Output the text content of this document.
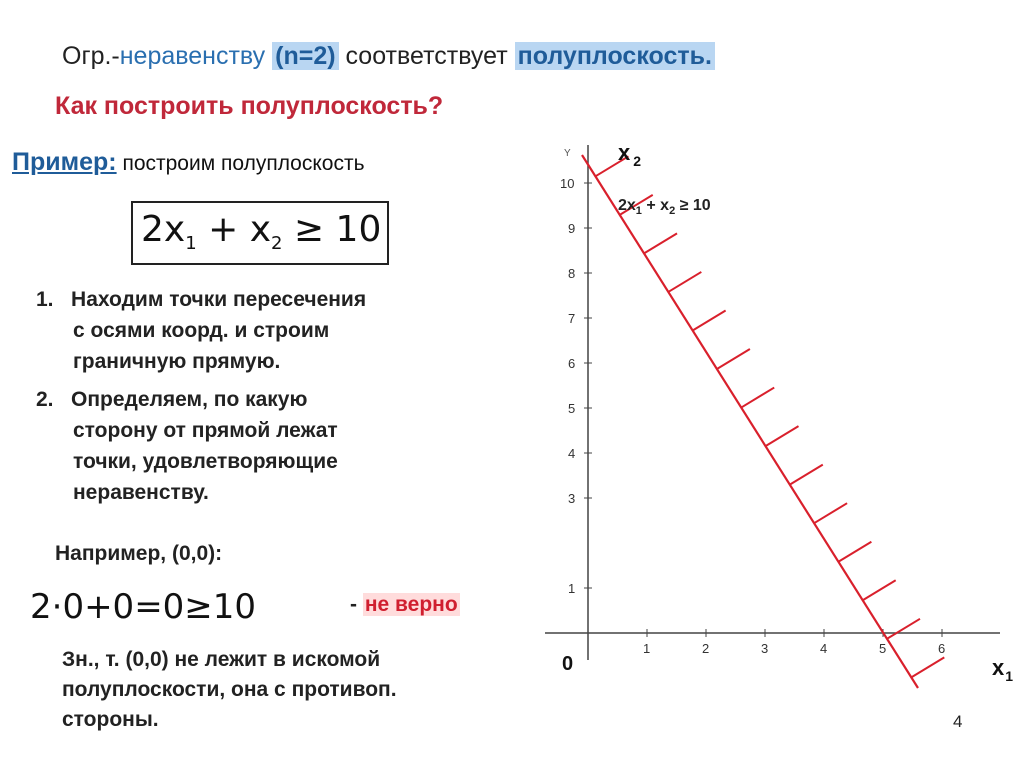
Огр.-неравенству (n=2) соответствует полуплоскость.
Как построить полуплоскость?
Пример: построим полуплоскость
$2x_1 + x_2 \ge 10$
1. Находим точки пересечения
с осями коорд. и строим
граничную прямую.
2. Определяем, по какую
сторону от прямой лежат
точки, удовлетворяющие
неравенству.
Например, (0,0):
2·0+0=0≥10	- не верно
Зн., т. (0,0) не лежит в искомой
полуплоскости, она с противоп.
стороны.	4
1	2	3	4	5	6
1
3
4
5
6
7
8
9
10
Y x $_2$
$x_1$
0
$2x_1 + x_2 \ge 10$
